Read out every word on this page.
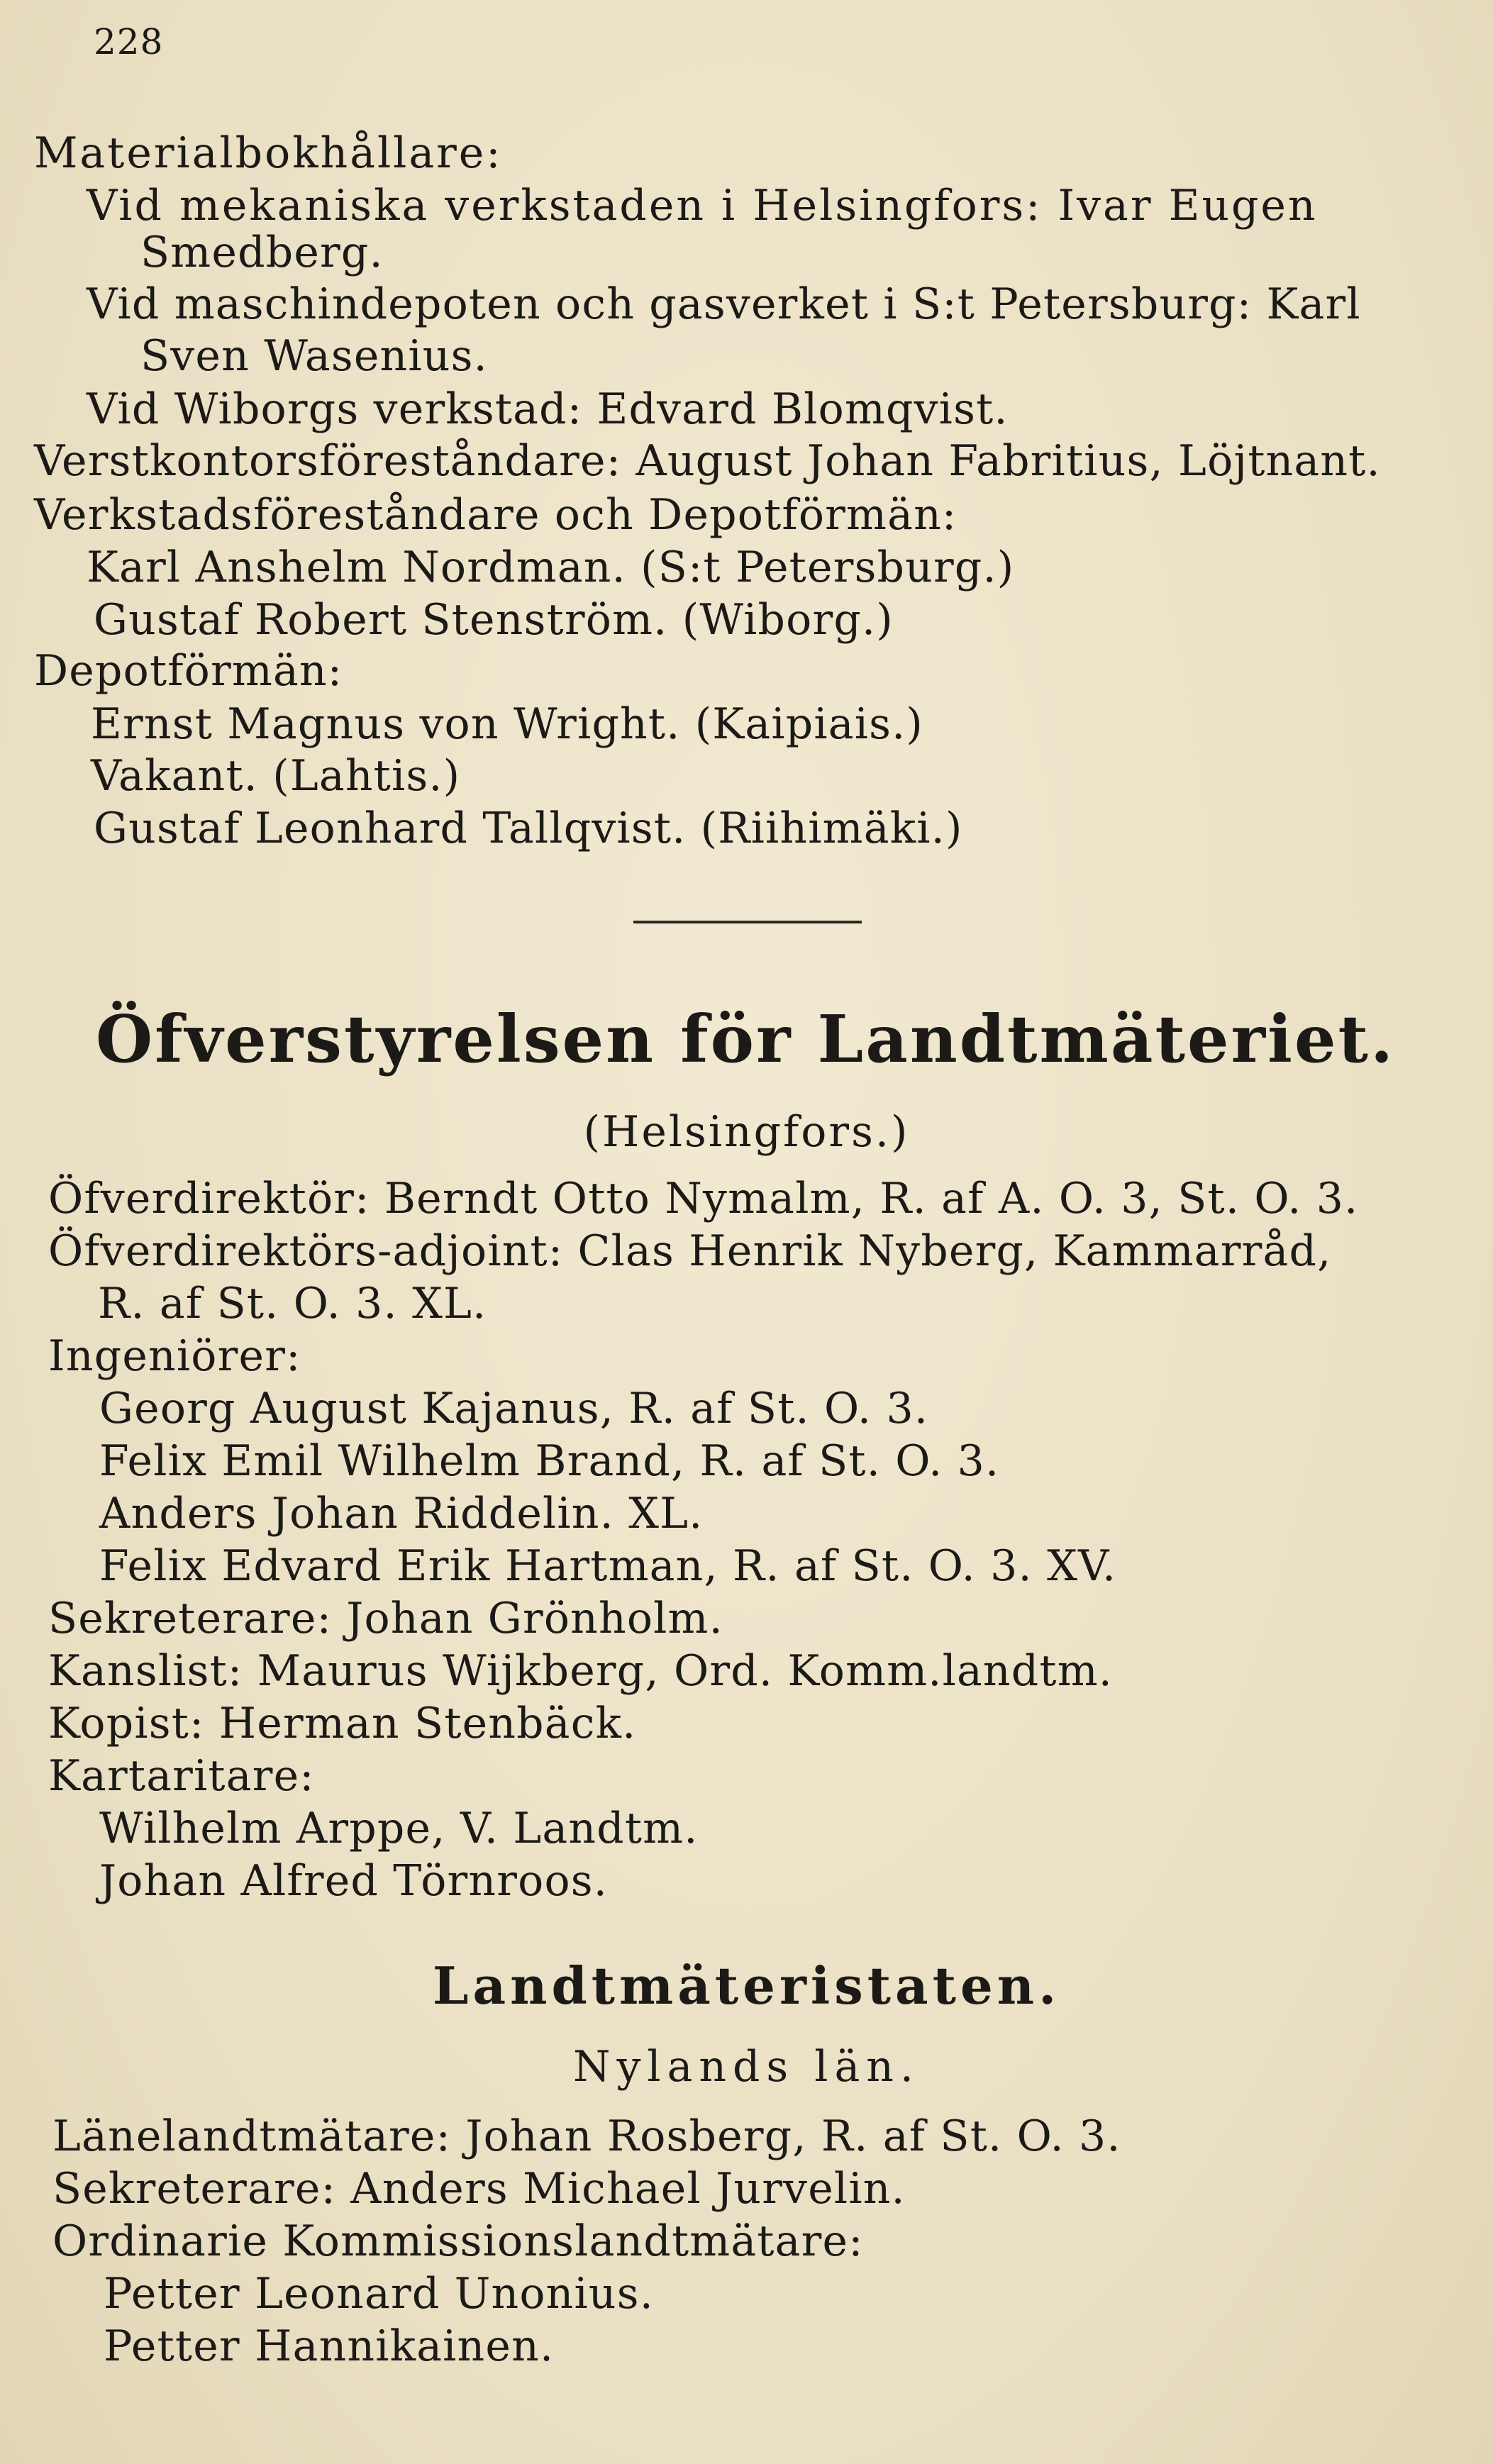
228
Materialbokhållare:
Vid mekaniska verkstaden i Helsingfors: Ivar Eugen
Smedberg.
Vid maschindepoten och gasverket i S:t Petersburg: Karl
Sven Wasenius.
Vid Wiborgs verkstad: Edvard Blomqvist.
Verstkontorsföreståndare: August Johan Fabritius, Löjtnant.
Verkstadsföreståndare och Depotförmän:
Karl Anshelm Nordman. (S:t Petersburg.)
Gustaf Robert Stenström. (Wiborg.)
Depotförmän:
Ernst Magnus von Wright. (Kaipiais.)
Vakant. (Lahtis.)
Gustaf Leonhard Tallqvist. (Riihimäki.)
Öfverstyrelsen för Landtmäteriet.
(Helsingfors.)
Öfverdirektör: Berndt Otto Nymalm, R. af A. O. 3, St. O. 3.
Öfverdirektörs-adjoint: Clas Henrik Nyberg, Kammarråd,
R. af St. O. 3. XL.
Ingeniörer:
Georg August Kajanus, R. af St. O. 3.
Felix Emil Wilhelm Brand, R. af St. O. 3.
Anders Johan Riddelin. XL.
Felix Edvard Erik Hartman, R. af St. O. 3. XV.
Sekreterare: Johan Grönholm.
Kanslist: Maurus Wijkberg, Ord. Komm.landtm.
Kopist: Herman Stenbäck.
Kartaritare:
Wilhelm Arppe, V. Landtm.
Johan Alfred Törnroos.
Landtmäteristaten.
Nylands län.
Länelandtmätare: Johan Rosberg, R. af St. O. 3.
Sekreterare: Anders Michael Jurvelin.
Ordinarie Kommissionslandtmätare:
Petter Leonard Unonius.
Petter Hannikainen.
